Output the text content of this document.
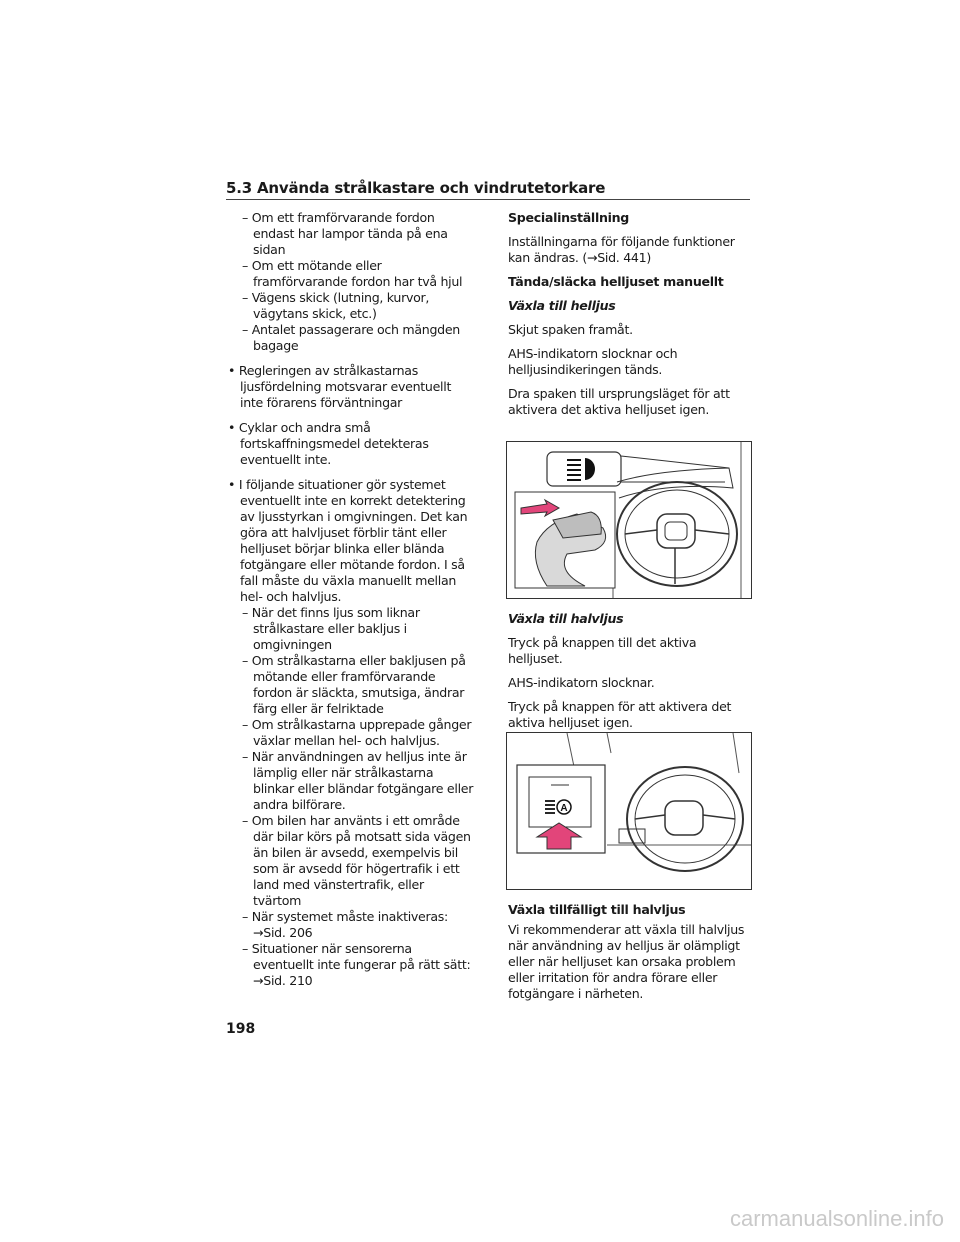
5.3 Använda strålkastare och vindrutetorkare

– Om ett framförvarande fordon endast har lampor tända på ena sidan

– Om ett mötande eller framförvarande fordon har två hjul

– Vägens skick (lutning, kurvor, vägytans skick, etc.)

– Antalet passagerare och mängden bagage

• Regleringen av strålkastarnas ljusfördelning motsvarar eventuellt inte förarens förväntningar

• Cyklar och andra små fortskaffningsmedel detekteras eventuellt inte.

• I följande situationer gör systemet eventuellt inte en korrekt detektering av ljusstyrkan i omgivningen. Det kan göra att halvljuset förblir tänt eller helljuset börjar blinka eller blända fotgängare eller mötande fordon. I så fall måste du växla manuellt mellan hel- och halvljus.

– När det finns ljus som liknar strålkastare eller bakljus i omgivningen

– Om strålkastarna eller bakljusen på mötande eller framförvarande fordon är släckta, smutsiga, ändrar färg eller är felriktade

– Om strålkastarna upprepade gånger växlar mellan hel- och halvljus.

– När användningen av helljus inte är lämplig eller när strålkastarna blinkar eller bländar fotgängare eller andra bilförare.

– Om bilen har använts i ett område där bilar körs på motsatt sida vägen än bilen är avsedd, exempelvis bil som är avsedd för högertrafik i ett land med vänstertrafik, eller tvärtom

– När systemet måste inaktiveras: →Sid. 206

– Situationer när sensorerna eventuellt inte fungerar på rätt sätt: →Sid. 210

Specialinställning

Inställningarna för följande funktioner kan ändras. (→Sid. 441)

Tända/släcka helljuset manuellt

Växla till helljus

Skjut spaken framåt.

AHS-indikatorn slocknar och helljusindikeringen tänds.

Dra spaken till ursprungsläget för att aktivera det aktiva helljuset igen.

Växla till halvljus

Tryck på knappen till det aktiva helljuset.

AHS-indikatorn slocknar.

Tryck på knappen för att aktivera det aktiva helljuset igen.

A

Växla tillfälligt till halvljus

Vi rekommenderar att växla till halvljus när användning av helljus är olämpligt eller när helljuset kan orsaka problem eller irritation för andra förare eller fotgängare i närheten.

198
carmanualsonline.info
